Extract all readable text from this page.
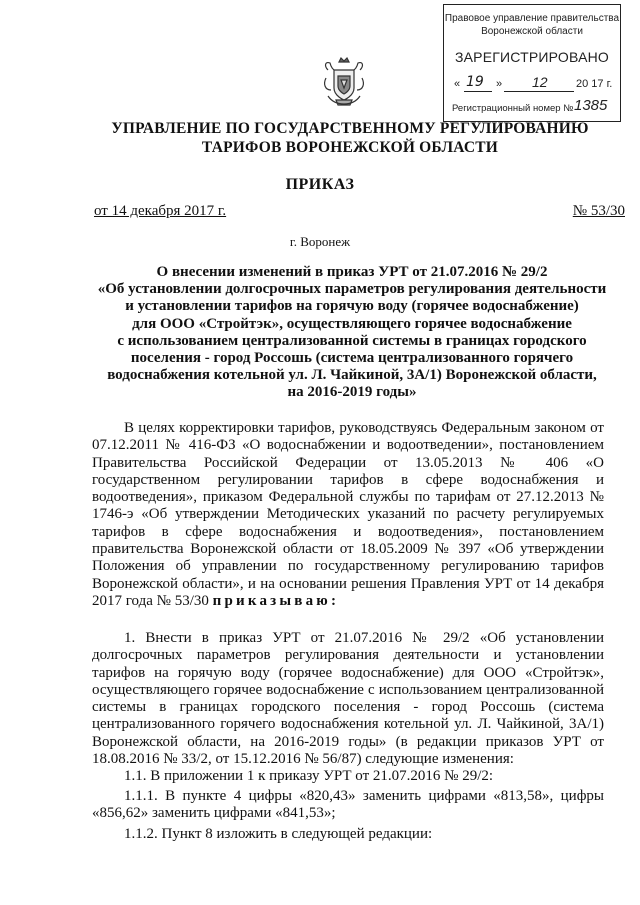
Правовое управление правительства
Воронежской области
ЗАРЕГИСТРИРОВАНО
« 19 » 12	20 17 г.
Регистрационный номер № 1385
УПРАВЛЕНИЕ ПО ГОСУДАРСТВЕННОМУ РЕГУЛИРОВАНИЮ
ТАРИФОВ ВОРОНЕЖСКОЙ ОБЛАСТИ
ПРИКАЗ
от 14 декабря 2017 г.	№ 53/30
г. Воронеж
О внесении изменений в приказ УРТ от 21.07.2016 № 29/2
«Об установлении долгосрочных параметров регулирования деятельности
и установлении тарифов на горячую воду (горячее водоснабжение)
для ООО «Стройтэк», осуществляющего горячее водоснабжение
с использованием централизованной системы в границах городского
поселения - город Россошь (система централизованного горячего
водоснабжения котельной ул. Л. Чайкиной, 3А/1) Воронежской области,
на 2016-2019 годы»
В целях корректировки тарифов, руководствуясь Федеральным законом от 07.12.2011 № 416-ФЗ «О водоснабжении и водоотведении», постановлением Правительства Российской Федерации от 13.05.2013 № 406 «О государственном регулировании тарифов в сфере водоснабжения и водоотведения», приказом Федеральной службы по тарифам от 27.12.2013 № 1746-э «Об утверждении Методических указаний по расчету регулируемых тарифов в сфере водоснабжения и водоотведения», постановлением правительства Воронежской области от 18.05.2009 № 397 «Об утверждении Положения об управлении по государственному регулированию тарифов Воронежской области», и на основании решения Правления УРТ от 14 декабря 2017 года № 53/30 приказываю:
1. Внести в приказ УРТ от 21.07.2016 № 29/2 «Об установлении долгосрочных параметров регулирования деятельности и установлении тарифов на горячую воду (горячее водоснабжение) для ООО «Стройтэк», осуществляющего горячее водоснабжение с использованием централизованной системы в границах городского поселения - город Россошь (система централизованного горячего водоснабжения котельной ул. Л. Чайкиной, 3А/1) Воронежской области, на 2016-2019 годы» (в редакции приказов УРТ от 18.08.2016 № 33/2, от 15.12.2016 № 56/87) следующие изменения:
1.1. В приложении 1 к приказу УРТ от 21.07.2016 № 29/2:
1.1.1. В пункте 4 цифры «820,43» заменить цифрами «813,58», цифры «856,62» заменить цифрами «841,53»;
1.1.2. Пункт 8 изложить в следующей редакции:
